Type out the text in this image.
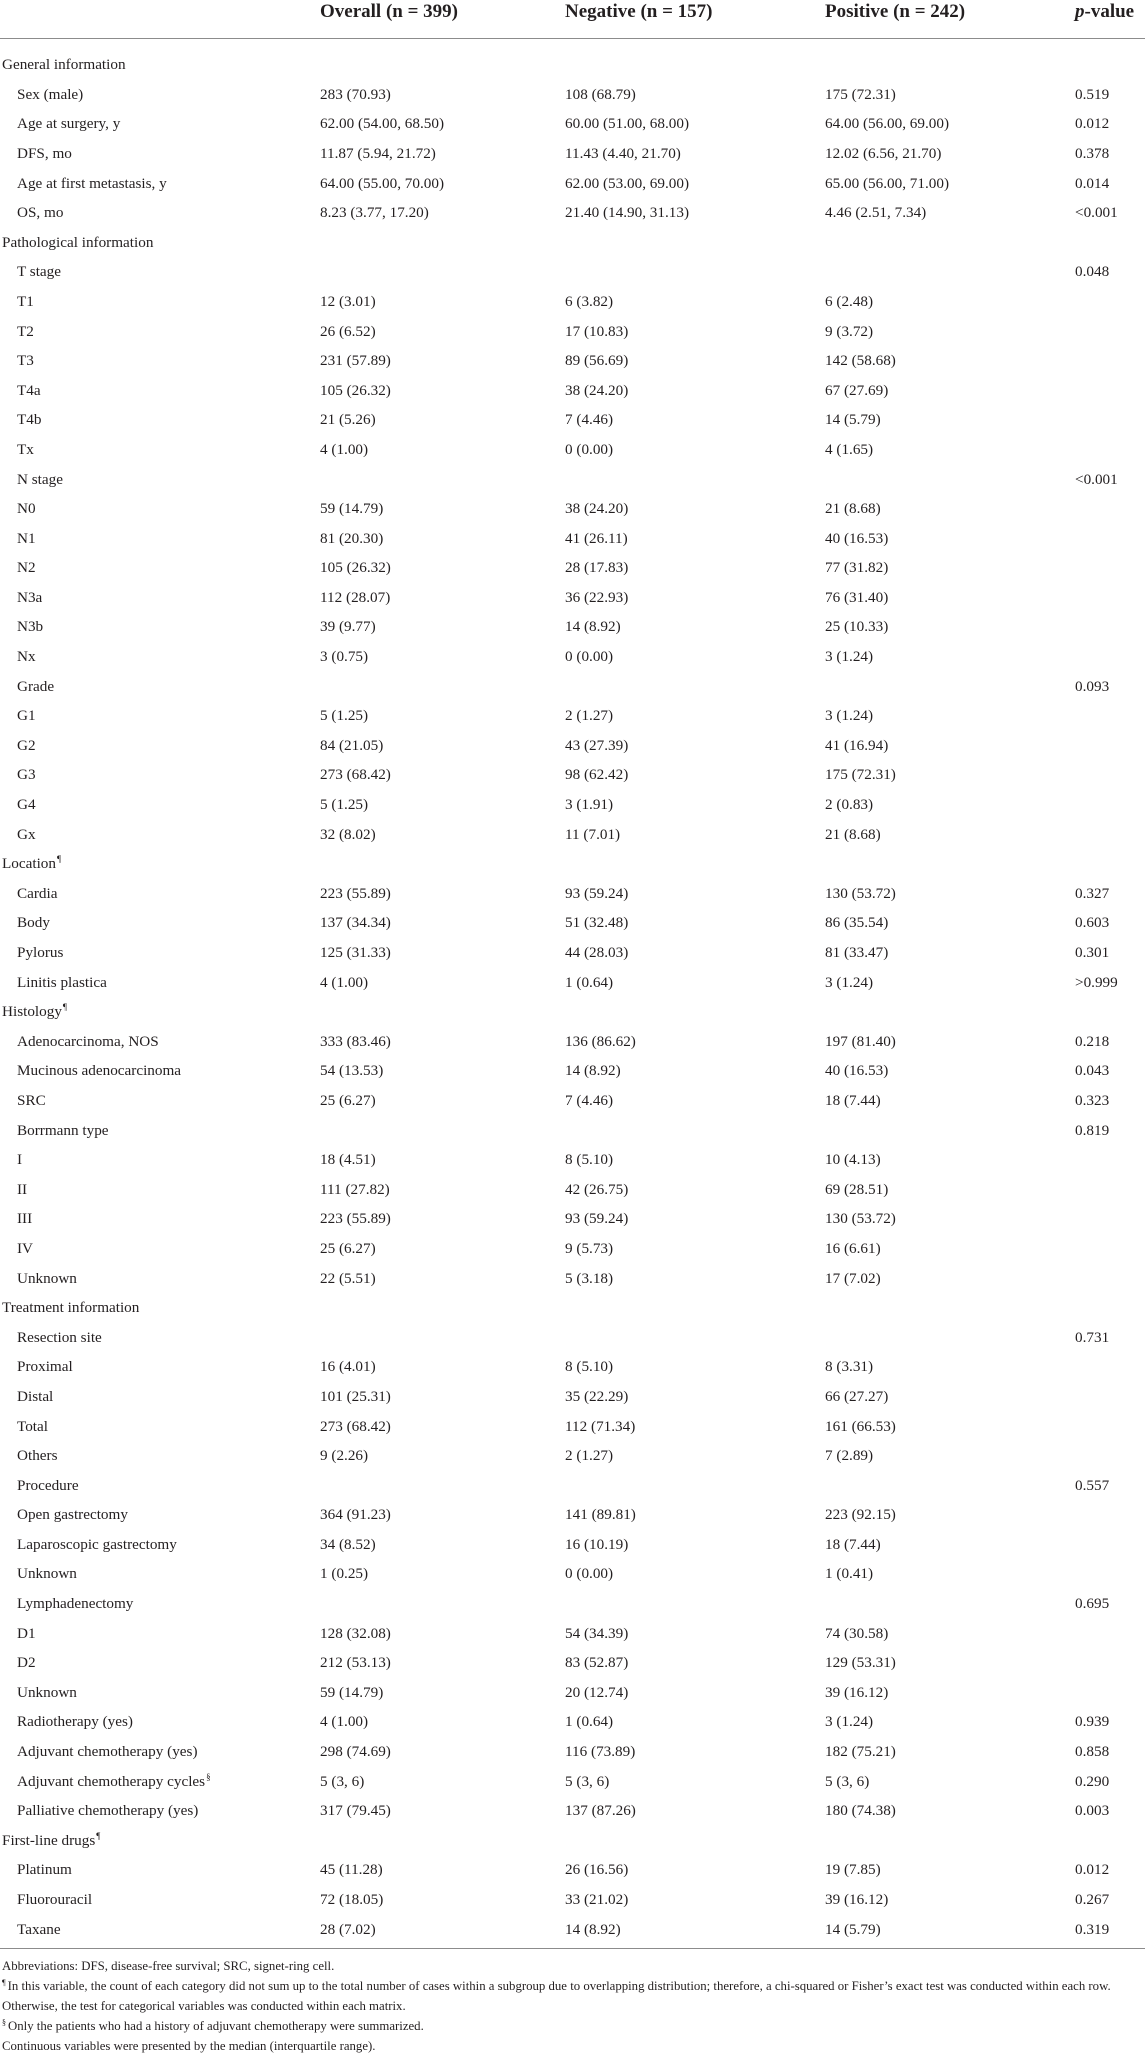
	Overall (n = 399)	Negative (n = 157)	Positive (n = 242)	p-value
General information				
Sex (male)	283 (70.93)	108 (68.79)	175 (72.31)	0.519
Age at surgery, y	62.00 (54.00, 68.50)	60.00 (51.00, 68.00)	64.00 (56.00, 69.00)	0.012
DFS, mo	11.87 (5.94, 21.72)	11.43 (4.40, 21.70)	12.02 (6.56, 21.70)	0.378
Age at first metastasis, y	64.00 (55.00, 70.00)	62.00 (53.00, 69.00)	65.00 (56.00, 71.00)	0.014
OS, mo	8.23 (3.77, 17.20)	21.40 (14.90, 31.13)	4.46 (2.51, 7.34)	<0.001
Pathological information				
T stage				0.048
T1	12 (3.01)	6 (3.82)	6 (2.48)	
T2	26 (6.52)	17 (10.83)	9 (3.72)	
T3	231 (57.89)	89 (56.69)	142 (58.68)	
T4a	105 (26.32)	38 (24.20)	67 (27.69)	
T4b	21 (5.26)	7 (4.46)	14 (5.79)	
Tx	4 (1.00)	0 (0.00)	4 (1.65)	
N stage				<0.001
N0	59 (14.79)	38 (24.20)	21 (8.68)	
N1	81 (20.30)	41 (26.11)	40 (16.53)	
N2	105 (26.32)	28 (17.83)	77 (31.82)	
N3a	112 (28.07)	36 (22.93)	76 (31.40)	
N3b	39 (9.77)	14 (8.92)	25 (10.33)	
Nx	3 (0.75)	0 (0.00)	3 (1.24)	
Grade				0.093
G1	5 (1.25)	2 (1.27)	3 (1.24)	
G2	84 (21.05)	43 (27.39)	41 (16.94)	
G3	273 (68.42)	98 (62.42)	175 (72.31)	
G4	5 (1.25)	3 (1.91)	2 (0.83)	
Gx	32 (8.02)	11 (7.01)	21 (8.68)	
Location¶				
Cardia	223 (55.89)	93 (59.24)	130 (53.72)	0.327
Body	137 (34.34)	51 (32.48)	86 (35.54)	0.603
Pylorus	125 (31.33)	44 (28.03)	81 (33.47)	0.301
Linitis plastica	4 (1.00)	1 (0.64)	3 (1.24)	>0.999
Histology¶				
Adenocarcinoma, NOS	333 (83.46)	136 (86.62)	197 (81.40)	0.218
Mucinous adenocarcinoma	54 (13.53)	14 (8.92)	40 (16.53)	0.043
SRC	25 (6.27)	7 (4.46)	18 (7.44)	0.323
Borrmann type				0.819
I	18 (4.51)	8 (5.10)	10 (4.13)	
II	111 (27.82)	42 (26.75)	69 (28.51)	
III	223 (55.89)	93 (59.24)	130 (53.72)	
IV	25 (6.27)	9 (5.73)	16 (6.61)	
Unknown	22 (5.51)	5 (3.18)	17 (7.02)	
Treatment information				
Resection site				0.731
Proximal	16 (4.01)	8 (5.10)	8 (3.31)	
Distal	101 (25.31)	35 (22.29)	66 (27.27)	
Total	273 (68.42)	112 (71.34)	161 (66.53)	
Others	9 (2.26)	2 (1.27)	7 (2.89)	
Procedure				0.557
Open gastrectomy	364 (91.23)	141 (89.81)	223 (92.15)	
Laparoscopic gastrectomy	34 (8.52)	16 (10.19)	18 (7.44)	
Unknown	1 (0.25)	0 (0.00)	1 (0.41)	
Lymphadenectomy				0.695
D1	128 (32.08)	54 (34.39)	74 (30.58)	
D2	212 (53.13)	83 (52.87)	129 (53.31)	
Unknown	59 (14.79)	20 (12.74)	39 (16.12)	
Radiotherapy (yes)	4 (1.00)	1 (0.64)	3 (1.24)	0.939
Adjuvant chemotherapy (yes)	298 (74.69)	116 (73.89)	182 (75.21)	0.858
Adjuvant chemotherapy cycles§	5 (3, 6)	5 (3, 6)	5 (3, 6)	0.290
Palliative chemotherapy (yes)	317 (79.45)	137 (87.26)	180 (74.38)	0.003
First-line drugs¶				
Platinum	45 (11.28)	26 (16.56)	19 (7.85)	0.012
Fluorouracil	72 (18.05)	33 (21.02)	39 (16.12)	0.267
Taxane	28 (7.02)	14 (8.92)	14 (5.79)	0.319
Abbreviations: DFS, disease-free survival; SRC, signet-ring cell.
¶ In this variable, the count of each category did not sum up to the total number of cases within a subgroup due to overlapping distribution; therefore, a chi-squared or Fisher’s exact test was conducted within each row. Otherwise, the test for categorical variables was conducted within each matrix.
§ Only the patients who had a history of adjuvant chemotherapy were summarized.
Continuous variables were presented by the median (interquartile range).
